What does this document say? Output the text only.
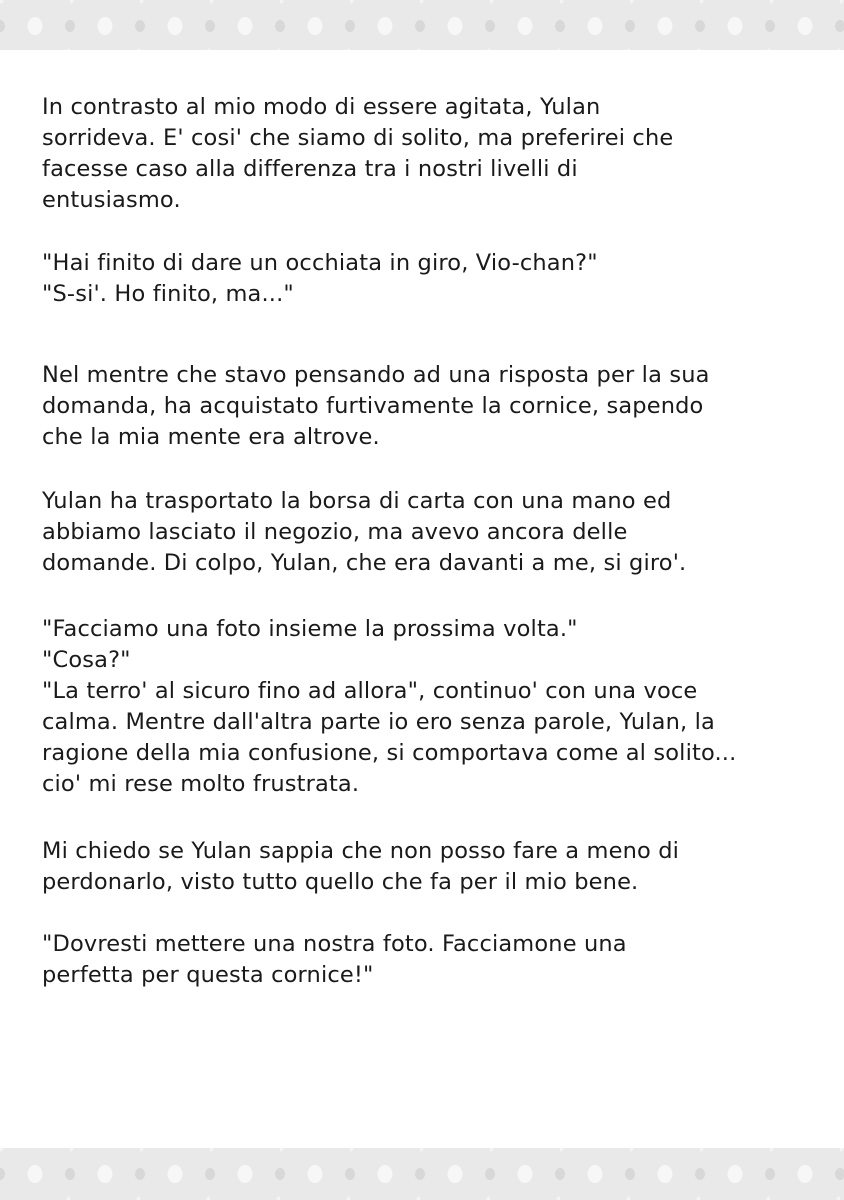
In contrasto al mio modo di essere agitata, Yulan
sorrideva. E' cosi' che siamo di solito, ma preferirei che
facesse caso alla differenza tra i nostri livelli di
entusiasmo.

"Hai finito di dare un occhiata in giro, Vio-chan?"
"S-si'. Ho finito, ma..."

Nel mentre che stavo pensando ad una risposta per la sua
domanda, ha acquistato furtivamente la cornice, sapendo
che la mia mente era altrove.

Yulan ha trasportato la borsa di carta con una mano ed
abbiamo lasciato il negozio, ma avevo ancora delle
domande. Di colpo, Yulan, che era davanti a me, si giro'.

"Facciamo una foto insieme la prossima volta."
"Cosa?"
"La terro' al sicuro fino ad allora", continuo' con una voce
calma. Mentre dall'altra parte io ero senza parole, Yulan, la
ragione della mia confusione, si comportava come al solito...
cio' mi rese molto frustrata.

Mi chiedo se Yulan sappia che non posso fare a meno di
perdonarlo, visto tutto quello che fa per il mio bene.

"Dovresti mettere una nostra foto. Facciamone una
perfetta per questa cornice!"
